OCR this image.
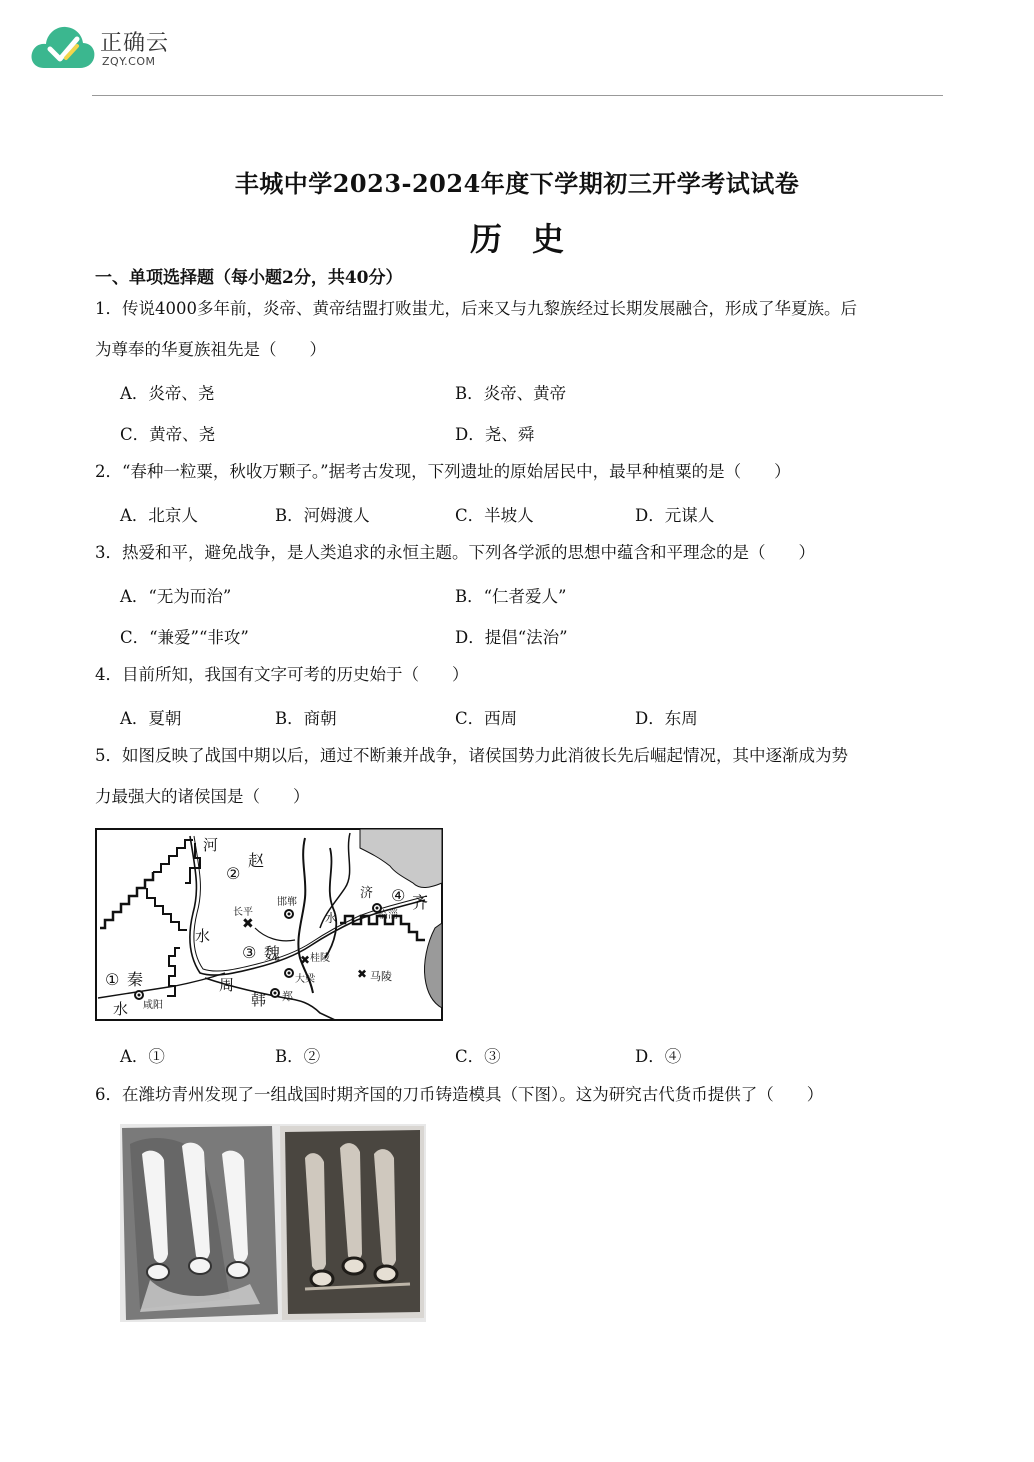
正确云
ZQY.COM
丰城中学2023-2024年度下学期初三开学考试试卷
历史
一、单项选择题（每小题2分，共40分）
1．传说4000多年前，炎帝、黄帝结盟打败蚩尤，后来又与九黎族经过长期发展融合，形成了华夏族。后
为尊奉的华夏族祖先是（　　）
A．炎帝、尧	B．炎帝、黄帝
C．黄帝、尧	D．尧、舜
2．“春种一粒粟，秋收万颗子。”据考古发现，下列遗址的原始居民中，最早种植粟的是（　　）
A．北京人	B．河姆渡人	C．半坡人	D．元谋人
3．热爱和平，避免战争，是人类追求的永恒主题。下列各学派的思想中蕴含和平理念的是（　　）
A．“无为而治”	B．“仁者爱人”
C．“兼爱”“非攻”	D．提倡“法治”
4．目前所知，我国有文字可考的历史始于（　　）
A．夏朝	B．商朝	C．西周	D．东周
5．如图反映了战国中期以后，通过不断兼并战争，诸侯国势力此消彼长先后崛起情况，其中逐渐成为势
力最强大的诸侯国是（　　）
✖
✖
✖
河
赵
②
邯郸
长平
水
③ 魏	桂陵
大梁	马陵
① 秦
咸阳
水
周
韩 郑
济
水	临淄
④ 齐
A．①	B．②	C．③	D．④
6．在潍坊青州发现了一组战国时期齐国的刀币铸造模具（下图）。这为研究古代货币提供了（　　）
